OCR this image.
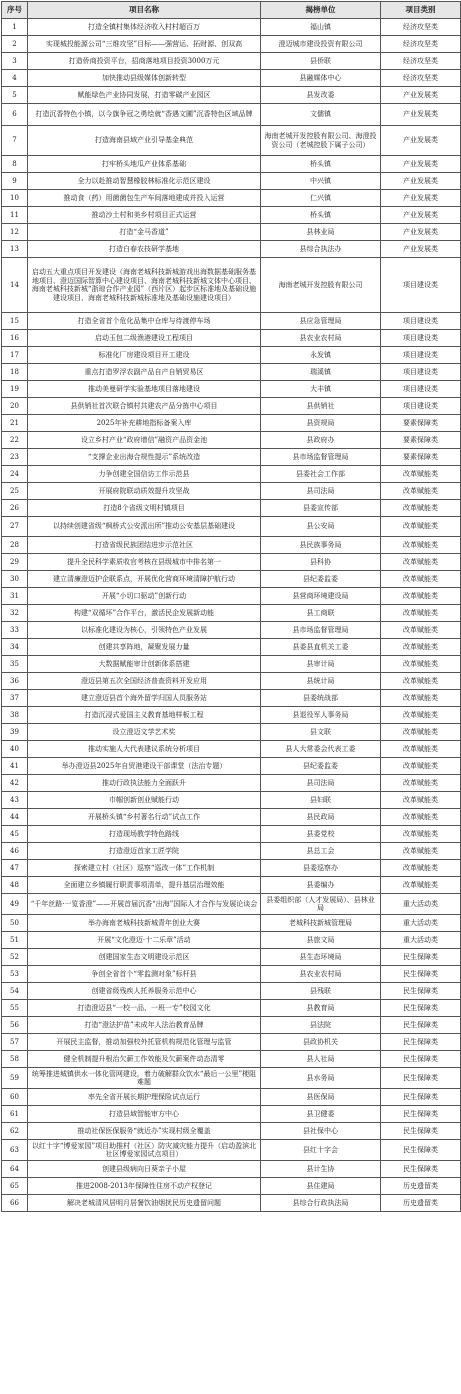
序号	项目名称	揭榜单位	项目类别
1	打造全镇村集体经济收入村村超百万	福山镇	经济攻坚类
2	实现城投能源公司“三维攻坚”目标——强营运、拓财源、创双高	澄迈城市建设投资有限公司	经济攻坚类
3	打造侨商投资平台，招商落地项目投资3000万元	县侨联	经济攻坚类
4	加快推动县级媒体创新转型	县融媒体中心	经济攻坚类
5	赋能绿色产业协同发展，打造零碳产业园区	县发改委	产业发展类
6	打造沉香特色小镇，以今旗争冠之勇绘就“香遇文圃”沉香特色区域品牌	文儒镇	产业发展类
7	打造海南县域产业引导基金典范	海南老城开发控股有限公司、海澄投资公司（老城控股下属子公司）	产业发展类
8	打牢桥头地瓜产业体系基础	桥头镇	产业发展类
9	全力以赴推动智慧橡胶林标准化示范区建设	中兴镇	产业发展类
10	推动食（药）用菌菌包生产车间落地建成并投入运营	仁兴镇	产业发展类
11	推动沙土村和美乡村项目正式运营	桥头镇	产业发展类
12	打造“金马香道”	县林业局	产业发展类
13	打造白春农技研学基地	县综合执法办	产业发展类
14	启动五大重点项目开发建设（海南老城科技新城游戏出海数据基础服务基地项目、澄迈国际智算中心建设项目、海南老城科技新城文体中心项目、海南老城科技新城“浙琼合作产业园”（西片区）起步区标准地及基础设施建设项目、海南老城科技新城标准地及基础设施建设项目）	海南老城开发控股有限公司	项目建设类
15	打造全省首个危化品集中仓库与待渡停车场	县应急管理局	项目建设类
16	启动玉包二级渔港建设工程项目	县农业农村局	项目建设类
17	标准化厂房建设项目开工建设	永发镇	项目建设类
18	重点打造罗浮农副产品自产自销贸易区	瑞溪镇	项目建设类
19	推动美曼研学实验基地项目落地建设	大丰镇	项目建设类
20	县供销社首次联合镇村共建农产品分拣中心项目	县供销社	项目建设类
21	2025年补充耕地指标备案入库	县资规局	要素保障类
22	设立乡村产业“政府增信”融资产品资金池	县政府办	要素保障类
23	“支撑企业出海合规性提示”系统改造	县市场监督管理局	要素保障类
24	力争创建全国信访工作示范县	县委社会工作部	改革赋能类
25	开展府院联动质效提升攻坚战	县司法局	改革赋能类
26	打造8个省级文明村镇项目	县委宣传部	改革赋能类
27	以持续创建省级“枫桥式公安派出所”推动公安基层基础建设	县公安局	改革赋能类
28	打造省级民族团结进步示范社区	县民族事务局	改革赋能类
29	提升全民科学素质收官考核在县级城市中排名第一	县科协	改革赋能类
30	建立清廉澄迈护企联系点，开展优化营商环境清障护航行动	县纪委监委	改革赋能类
31	开展“小切口驱动”创新行动	县营商环境建设局	改革赋能类
32	构建“双循环”合作平台，激活民企发展新动能	县工商联	改革赋能类
33	以标准化建设为核心，引领特色产业发展	县市场监督管理局	改革赋能类
34	创建共享阵地，凝聚发展力量	县委县直机关工委	改革赋能类
35	大数据赋能审计创新体系搭建	县审计局	改革赋能类
36	澄迈县第五次全国经济普查资料开发应用	县统计局	改革赋能类
37	建立澄迈县首个海外留学归国人员服务站	县委统战部	改革赋能类
38	打造沉浸式爱国主义教育基地样板工程	县退役军人事务局	改革赋能类
39	设立澄迈文学艺术奖	县文联	改革赋能类
40	推动实施人大代表建议系统分析项目	县人大常委会代表工委	改革赋能类
41	举办澄迈县2025年自贸港建设干部课堂（法治专题）	县纪委监委	改革赋能类
42	推动行政执法能力全面跃升	县司法局	改革赋能类
43	巾帼创新创业赋能行动	县妇联	改革赋能类
44	开展桥头镇“乡村著名行动”试点工作	县民政局	改革赋能类
45	打造现场教学特色路线	县委党校	改革赋能类
46	打造澄迈首家工匠学院	县总工会	改革赋能类
47	探索建立村（社区）巡察“巡改一体”工作机制	县委巡察办	改革赋能类
48	全面建立乡镇履行职责事项清单，提升基层治理效能	县委编办	改革赋能类
49	“千年丝路·一览香澄”——开展首届沉香“出海”国际人才合作与发展论谈会	县委组织部（人才发展局）、县林业局	重大活动类
50	举办海南老城科技新城青年创业大赛	老城科技新城管理局	重大活动类
51	开展“文化澄迈·十二乐章”活动	县旅文局	重大活动类
52	创建国家生态文明建设示范区	县生态环境局	民生保障类
53	争创全省首个“零监测对象”标杆县	县农业农村局	民生保障类
54	创建省级残疾人托养服务示范中心	县残联	民生保障类
55	打造澄迈县“一校一品、一班一专”校园文化	县教育局	民生保障类
56	打造“澄法护苗”未成年人法治教育品牌	县法院	民生保障类
57	开展民主监督，推动加强校外托管机构规范化管理与监管	县政协机关	民生保障类
58	健全机制提升根治欠薪工作效能及欠薪案件动态清零	县人社局	民生保障类
59	统筹推进城镇供水一体化管网建设，着力破解群众饮水“最后一公里”梗阻难题	县水务局	民生保障类
60	率先全省开展长期护理保险试点运行	县医保局	民生保障类
61	打造县域智能审方中心	县卫健委	民生保障类
62	推动社保医保服务“就近办”实现村级全覆盖	县社保中心	民生保障类
63	以红十字“博爱家园”项目助推村（社区）防灾减灾能力提升（启动盈滨北社区博爱家园试点项目）	县红十字会	民生保障类
64	创建县级病向日葵亲子小屋	县计生协	民生保障类
65	推进2008-2013年保障性住房不动产权登记	县住建局	历史遗留类
66	解决老城清风居明月居餐饮油烟扰民历史遗留问题	县综合行政执法局	历史遗留类
